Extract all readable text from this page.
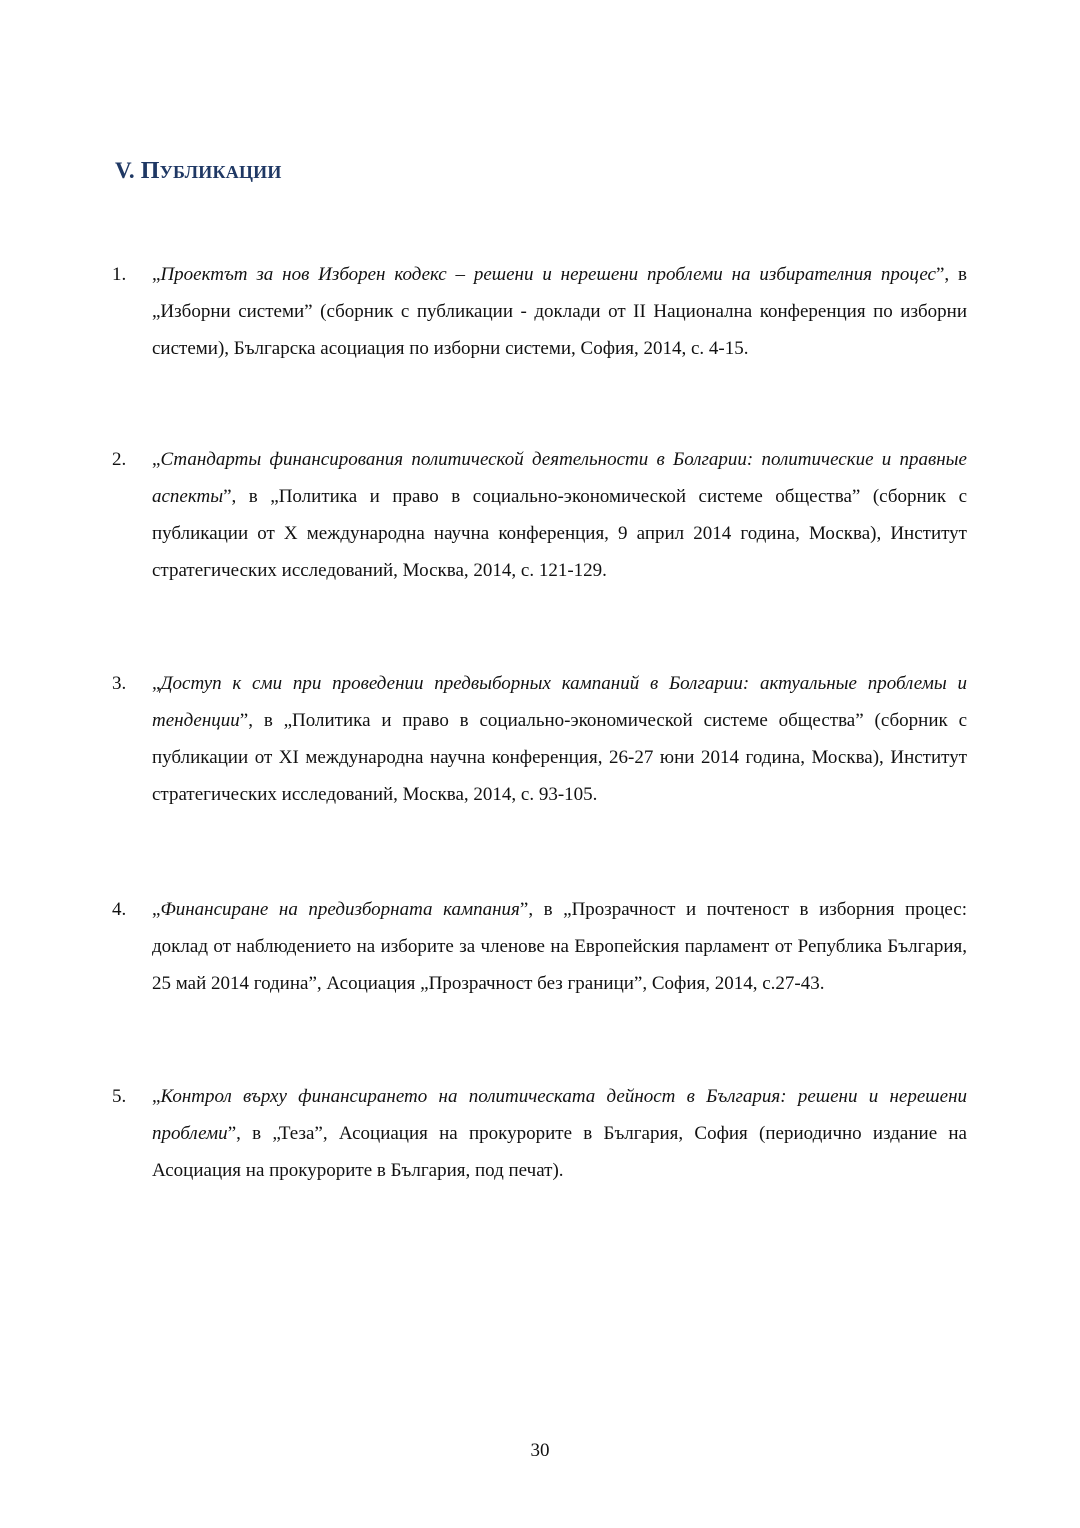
V. ПУБЛИКАЦИИ
1. „Проектът за нов Изборен кодекс – решени и нерешени проблеми на избирателния процес”, в „Изборни системи” (сборник с публикации - доклади от II Национална конференция по изборни системи), Българска асоциация по изборни системи, София, 2014, с. 4-15.
2. „Стандарты финансирования политической деятельности в Болгарии: политические и правные аспекты”, в „Политика и право в социально-экономической системе общества” (сборник с публикации от X международна научна конференция, 9 април 2014 година, Москва), Институт стратегических исследований, Москва, 2014, с. 121-129.
3. „Доступ к сми при проведении предвыборных кампаний в Болгарии: актуальные проблемы и тенденции”, в „Политика и право в социально-экономической системе общества” (сборник с публикации от XI международна научна конференция, 26-27 юни 2014 година, Москва), Институт стратегических исследований, Москва, 2014, с. 93-105.
4. „Финансиране на предизборната кампания”, в „Прозрачност и почтеност в изборния процес: доклад от наблюдението на изборите за членове на Европейския парламент от Република България, 25 май 2014 година”, Асоциация „Прозрачност без граници”, София, 2014, с.27-43.
5. „Контрол върху финансирането на политическата дейност в България: решени и нерешени проблеми”, в „Теза”, Асоциация на прокурорите в България, София (периодично издание на Асоциация на прокурорите в България, под печат).
30
